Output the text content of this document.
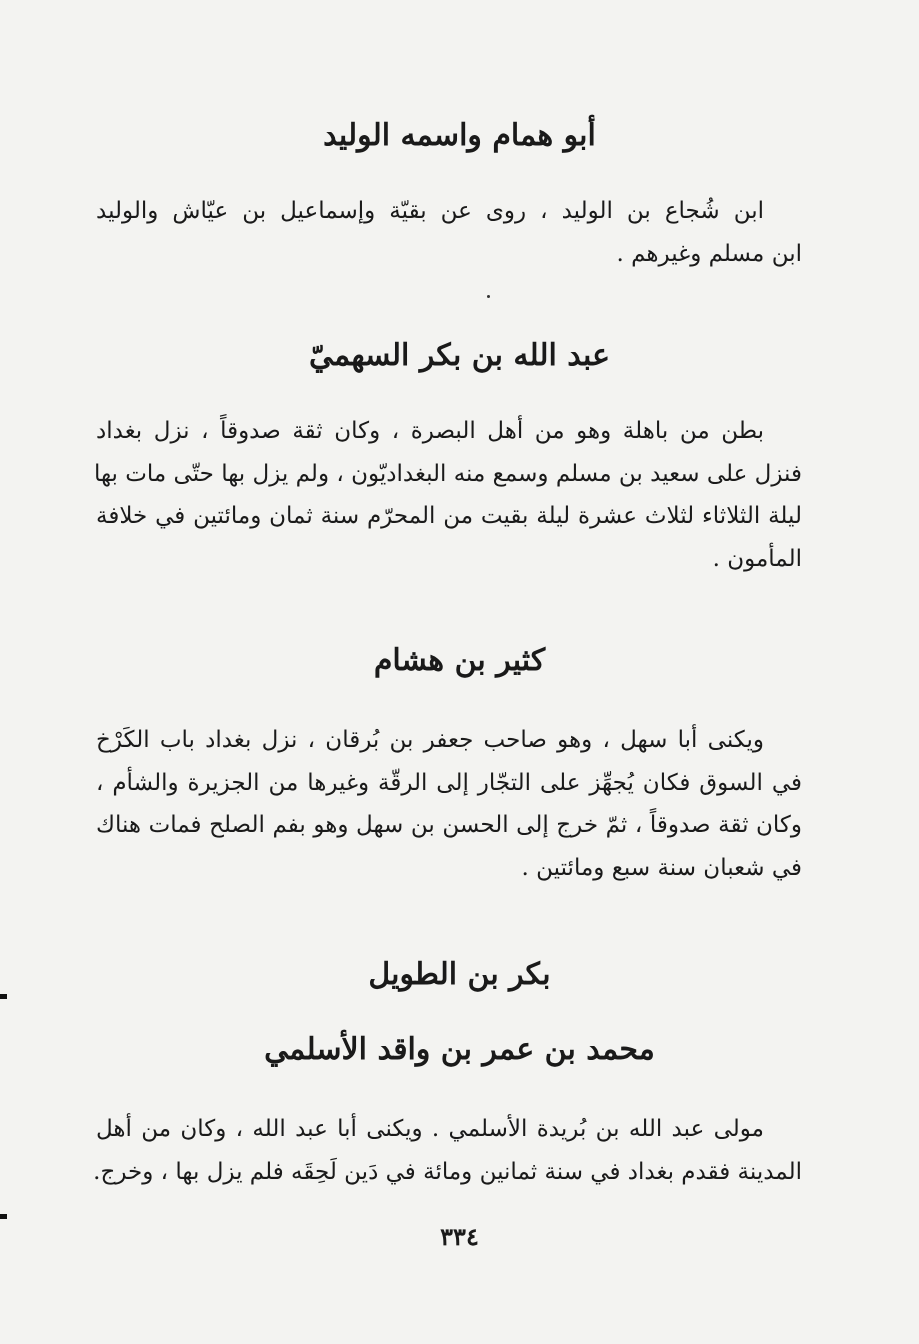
أبو همام واسمه الوليد
ابن شُجاع بن الوليد ، روى عن بقيّة وإسماعيل بن عيّاش والوليد
ابن مسلم وغيرهم .
عبد الله بن بكر السهميّ
بطن من باهلة وهو من أهل البصرة ، وكان ثقة صدوقاً ، نزل بغداد
فنزل على سعيد بن مسلم وسمع منه البغداديّون ، ولم يزل بها حتّى مات بها
ليلة الثلاثاء لثلاث عشرة ليلة بقيت من المحرّم سنة ثمان ومائتين في خلافة
المأمون .
كثير بن هشام
ويكنى أبا سهل ، وهو صاحب جعفر بن بُرقان ، نزل بغداد باب الكَرْخ
في السوق فكان يُجهِّز على التجّار إلى الرقّة وغيرها من الجزيرة والشأم ،
وكان ثقة صدوقاً ، ثمّ خرج إلى الحسن بن سهل وهو بفم الصلح فمات هناك
في شعبان سنة سبع ومائتين .
بكر بن الطويل
محمد بن عمر بن واقد الأسلمي
مولى عبد الله بن بُريدة الأسلمي . ويكنى أبا عبد الله ، وكان من أهل
المدينة فقدم بغداد في سنة ثمانين ومائة في دَين لَحِقَه فلم يزل بها ، وخرج.
٣٣٤
